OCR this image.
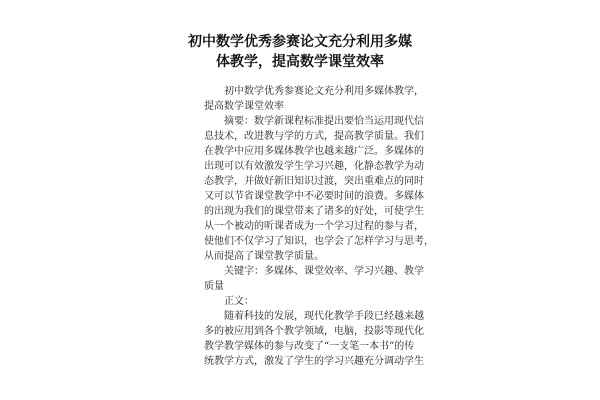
初中数学优秀参赛论文充分利用多媒
体教学，提高数学课堂效率
初中数学优秀参赛论文充分利用多媒体教学，
提高数学课堂效率
摘要：数学新课程标准提出要恰当运用现代信
息技术，改进教与学的方式，提高教学质量。我们
在教学中应用多媒体教学也越来越广泛。多媒体的
出现可以有效激发学生学习兴趣，化静态教学为动
态教学，并做好新旧知识过渡，突出重难点的同时
又可以节省课堂教学中不必要时间的浪费。多媒体
的出现为我们的课堂带来了诸多的好处，可使学生
从一个被动的听课者成为一个学习过程的参与者，
使他们不仅学习了知识，也学会了怎样学习与思考，
从而提高了课堂教学质量。
关键字：多媒体、课堂效率、学习兴趣、教学
质量
正文：
随着科技的发展，现代化教学手段已经越来越
多的被应用到各个教学领域，电脑，投影等现代化
教学教学媒体的参与改变了“一支笔一本书”的传
统教学方式，激发了学生的学习兴趣充分调动学生
